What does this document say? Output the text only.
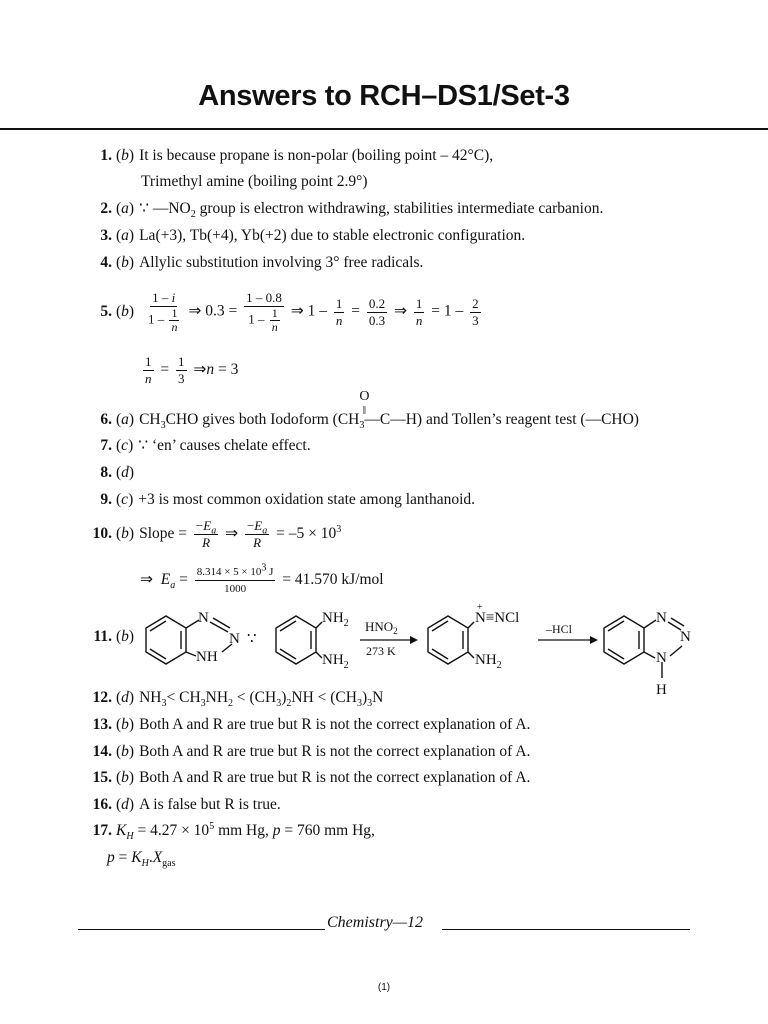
Answers to RCH–DS1/Set-3
1. ( b ) It is because propane is non-polar (boiling point – 42°C),
Trimethyl amine (boiling point 2.9°)
2. ( a ) ∵ $—NO_2$ group is electron withdrawing, stabilities intermediate carbanion.
3. ( a ) La(+3), Tb(+4), Yb(+2) due to stable electronic configuration.
4. ( b ) Allylic substitution involving 3° free radicals.
5. ( b ) $\frac{1 - i}{1 - \frac{1}{n}}$ ⇒ $0.3 = \frac{1 - 0.8}{1 - \frac{1}{n}}$ ⇒ $1 - \frac{1}{n} = \frac{0.2}{0.3}$ ⇒ $\frac{1}{n} = 1 - \frac{2}{3}$
$\frac{1}{n} = \frac{1}{3}$ ⇒n = 3
6. ( a ) $CH_3CHO$ gives both Iodoform ($CH_3$
O
‖
—C—H) and Tollen’s reagent test (—CHO)
7. ( c ) ∵ ‘en’ causes chelate effect.
8. ( d )
9. ( c ) +3 is most common oxidation state among lanthanoid.
10. ( b ) Slope = $\frac{-E_a}{R}$ ⇒ $\frac{-E_a}{R} = -5 \times 10^3$
⇒ $E_a = \frac{8.314 \times 5 \times 10^3 J}{1000} = 41.570$ kJ/mol
11. ( b )
N
N
NH
∵
$NH_2$
$NH_2$
$HNO_2$
273 K
+
N≡NCl
$NH_2$
–HCl
N
N
N
H
12. ( d ) $NH_3< CH_3NH_2 < (CH_3)_2NH < (CH_3)_3N$
13. ( b ) Both A and R are true but R is not the correct explanation of A.
14. ( b ) Both A and R are true but R is not the correct explanation of A.
15. ( b ) Both A and R are true but R is not the correct explanation of A.
16. ( d ) A is false but R is true.
17. $K_H = 4.27 \times 10^5$ mm Hg, p = 760 mm Hg,
$p = K_H.X_{gas}$
Chemistry—12
(1)
